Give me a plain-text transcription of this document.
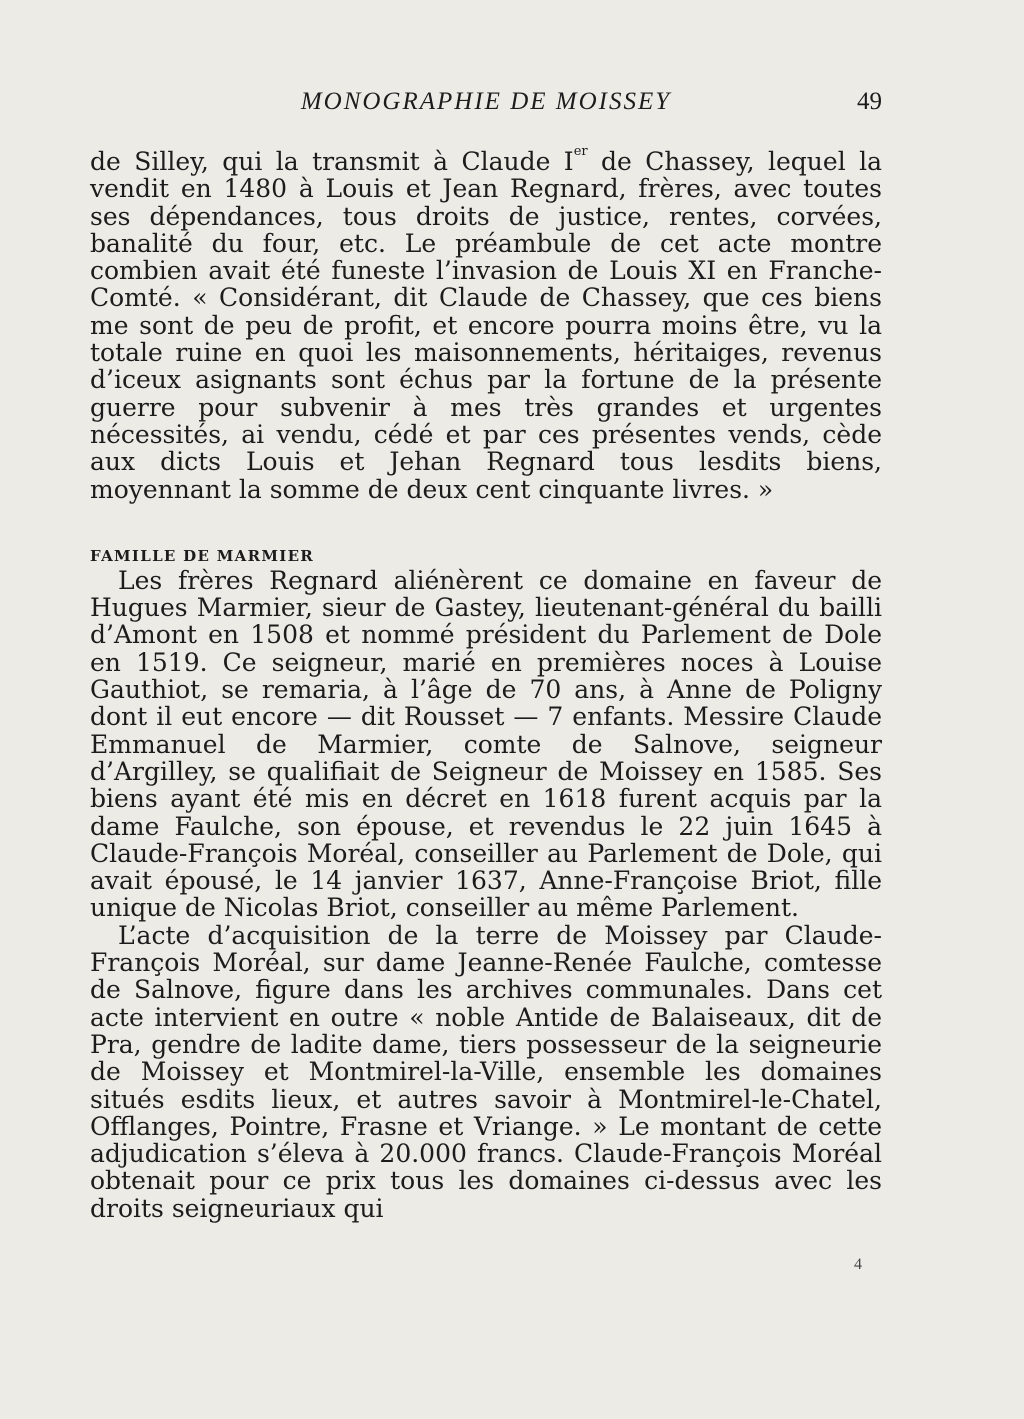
MONOGRAPHIE DE MOISSEY	49

de Silley, qui la transmit à Claude Ier de Chassey, lequel la vendit en 1480 à Louis et Jean Regnard, frères, avec toutes ses dépendances, tous droits de justice, rentes, corvées, banalité du four, etc. Le préambule de cet acte montre combien avait été funeste l’invasion de Louis XI en Franche-Comté. « Considérant, dit Claude de Chassey, que ces biens me sont de peu de profit, et encore pourra moins être, vu la totale ruine en quoi les maisonnements, héritaiges, revenus d’iceux asignants sont échus par la fortune de la présente guerre pour subvenir à mes très grandes et urgentes nécessités, ai vendu, cédé et par ces présentes vends, cède aux dicts Louis et Jehan Regnard tous lesdits biens, moyennant la somme de deux cent cinquante livres. »

FAMILLE DE MARMIER

Les frères Regnard aliénèrent ce domaine en faveur de Hugues Marmier, sieur de Gastey, lieutenant-général du bailli d’Amont en 1508 et nommé président du Parlement de Dole en 1519. Ce seigneur, marié en premières noces à Louise Gauthiot, se remaria, à l’âge de 70 ans, à Anne de Poligny dont il eut encore — dit Rousset — 7 enfants. Messire Claude Emmanuel de Marmier, comte de Salnove, seigneur d’Argilley, se qualifiait de Seigneur de Moissey en 1585. Ses biens ayant été mis en décret en 1618 furent acquis par la dame Faulche, son épouse, et revendus le 22 juin 1645 à Claude-François Moréal, conseiller au Parlement de Dole, qui avait épousé, le 14 janvier 1637, Anne-Françoise Briot, fille unique de Nicolas Briot, conseiller au même Parlement.

L’acte d’acquisition de la terre de Moissey par Claude-François Moréal, sur dame Jeanne-Renée Faulche, comtesse de Salnove, figure dans les archives communales. Dans cet acte intervient en outre « noble Antide de Balaiseaux, dit de Pra, gendre de ladite dame, tiers possesseur de la seigneurie de Moissey et Montmirel-la-Ville, ensemble les domaines situés esdits lieux, et autres savoir à Montmirel-le-Chatel, Offlanges, Pointre, Frasne et Vriange. » Le montant de cette adjudication s’éleva à 20.000 francs. Claude-François Moréal obtenait pour ce prix tous les domaines ci-dessus avec les droits seigneuriaux qui

4
